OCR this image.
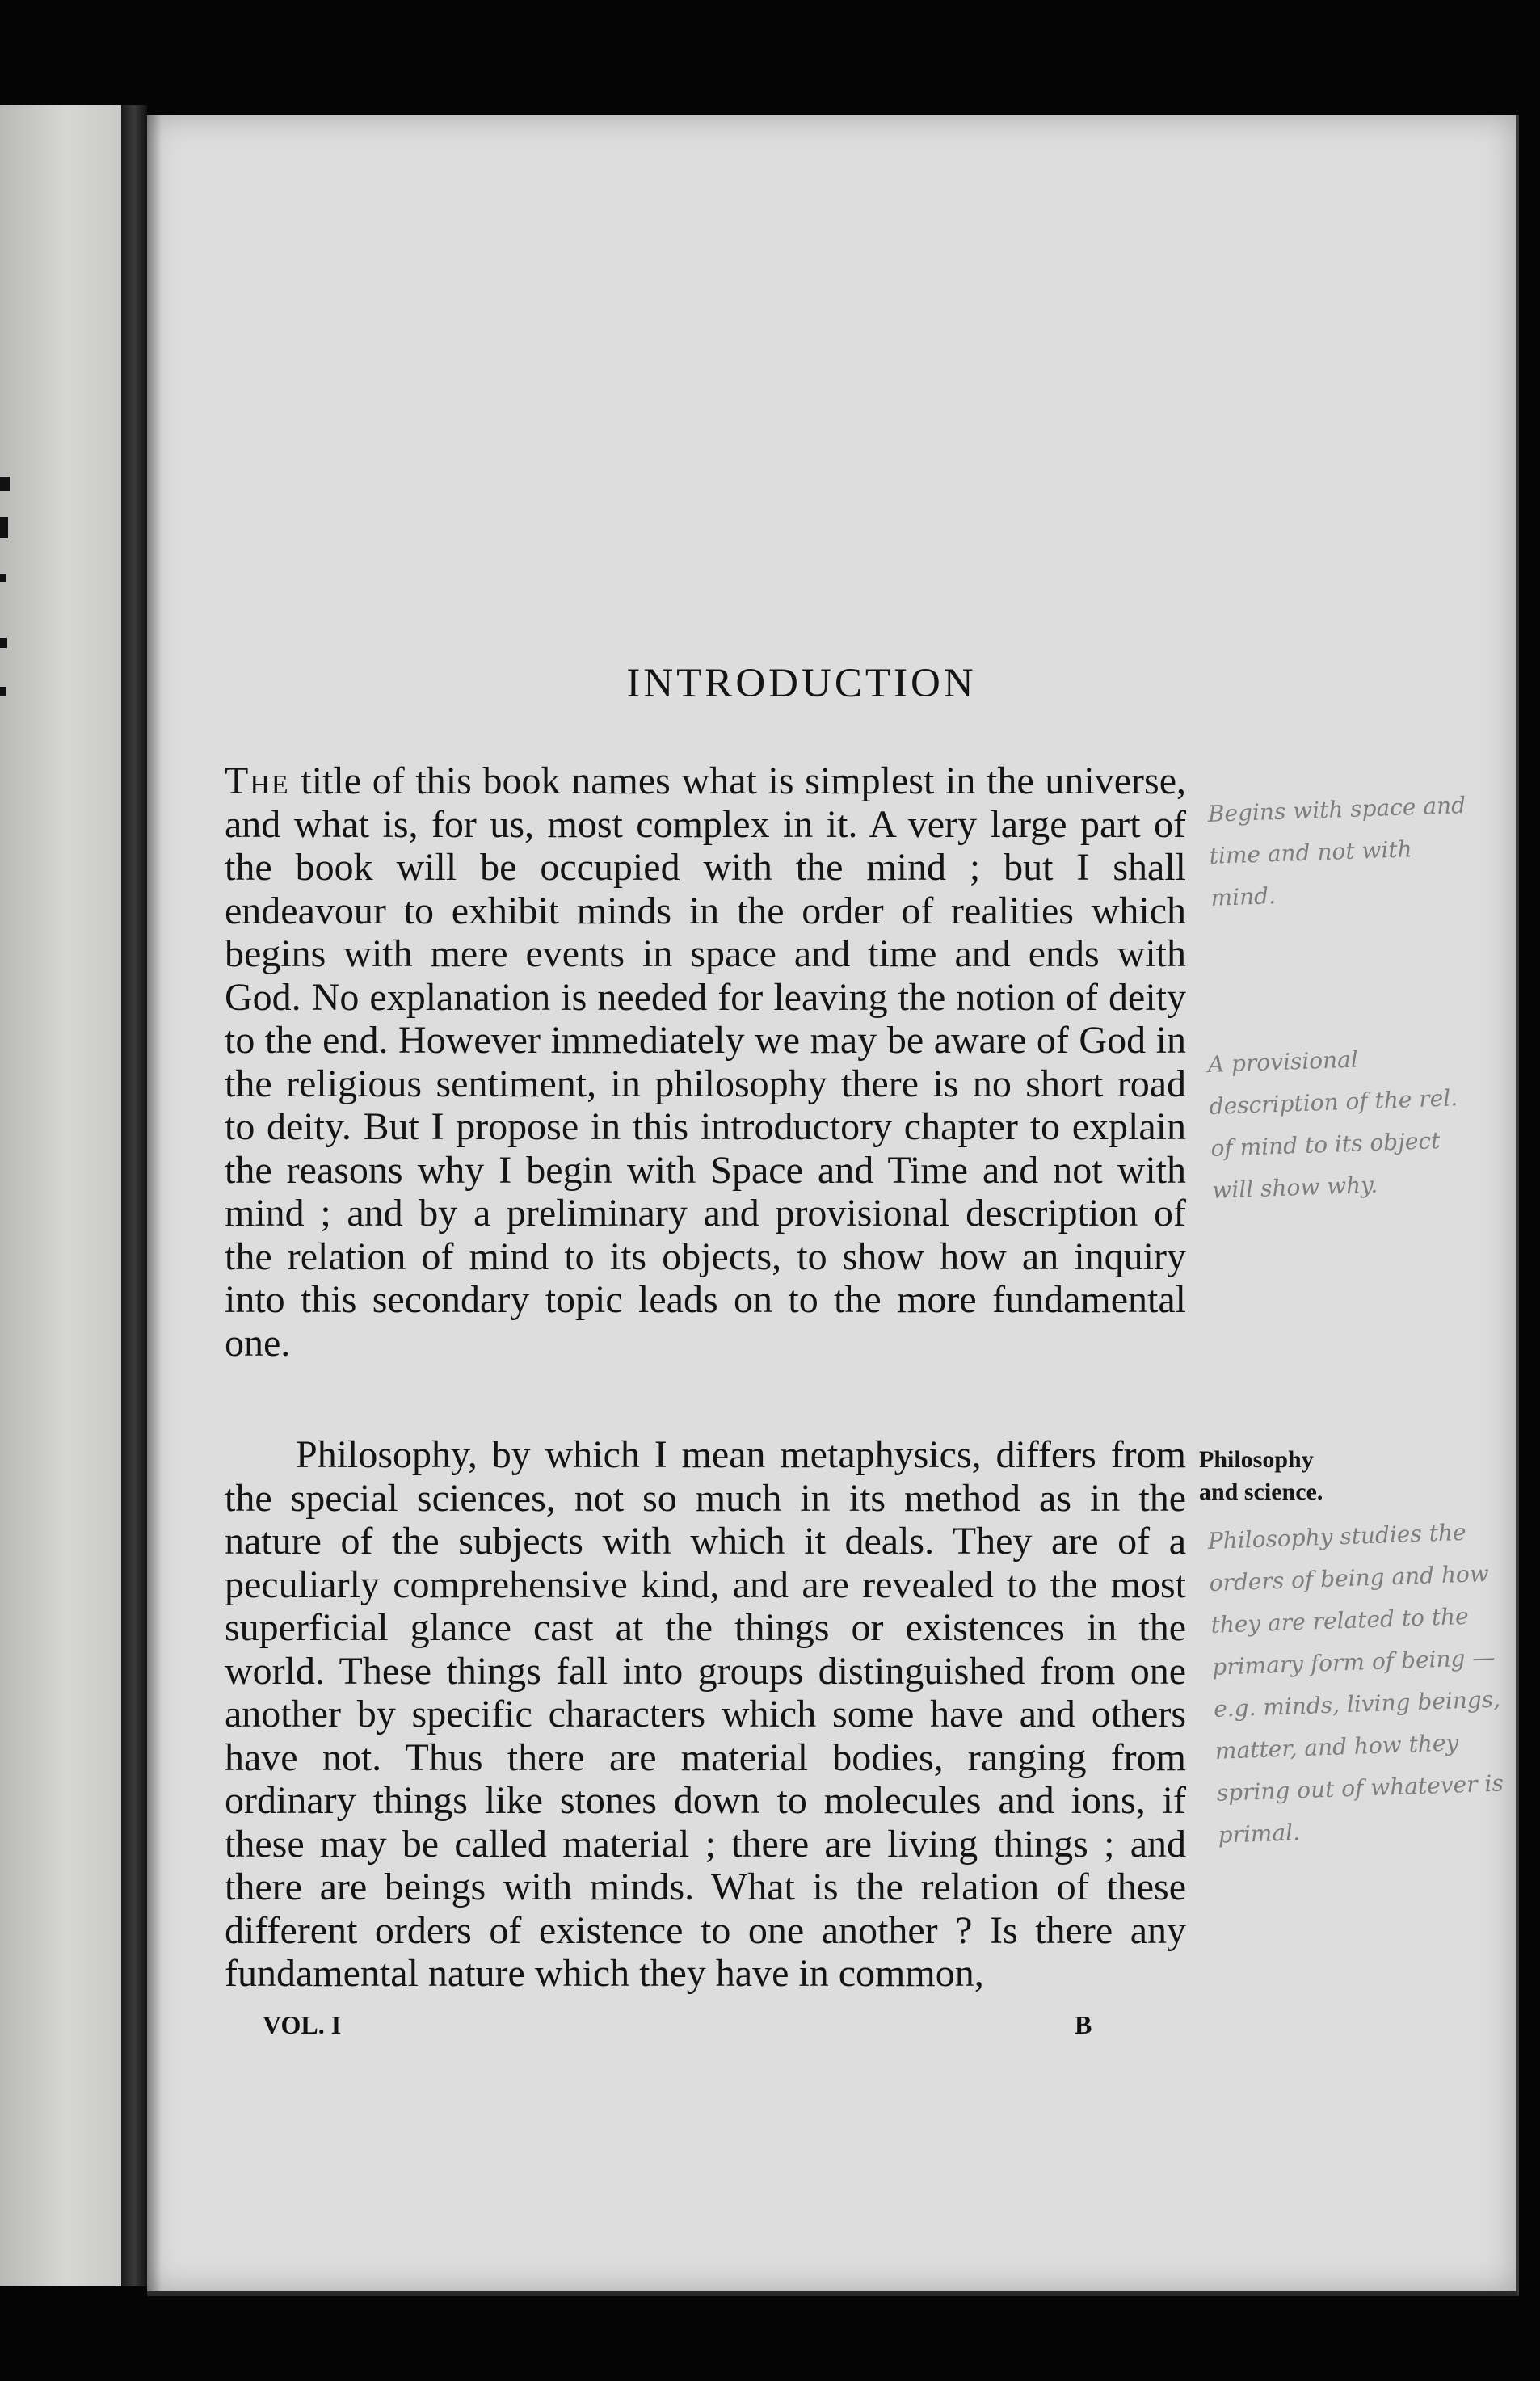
INTRODUCTION
The title of this book names what is simplest in the universe, and what is, for us, most complex in it. A very large part of the book will be occupied with the mind ; but I shall endeavour to exhibit minds in the order of realities which begins with mere events in space and time and ends with God. No explanation is needed for leaving the notion of deity to the end. However immediately we may be aware of God in the religious sentiment, in philosophy there is no short road to deity. But I propose in this introductory chapter to explain the reasons why I begin with Space and Time and not with mind ; and by a preliminary and provisional description of the relation of mind to its objects, to show how an inquiry into this secondary topic leads on to the more fundamental one.
Philosophy, by which I mean metaphysics, differs from the special sciences, not so much in its method as in the nature of the subjects with which it deals. They are of a peculiarly comprehensive kind, and are revealed to the most superficial glance cast at the things or existences in the world. These things fall into groups distinguished from one another by specific characters which some have and others have not. Thus there are material bodies, ranging from ordinary things like stones down to molecules and ions, if these may be called material ; there are living things ; and there are beings with minds. What is the relation of these different orders of existence to one another ? Is there any fundamental nature which they have in common,
Philosophy
and science.
VOL. I	B
Begins with space and time and not with mind.
A provisional description of the rel. of mind to its object will show why.
Philosophy studies the orders of being and how they are related to the primary form of being — e.g. minds, living beings, matter, and how they spring out of whatever is primal.
